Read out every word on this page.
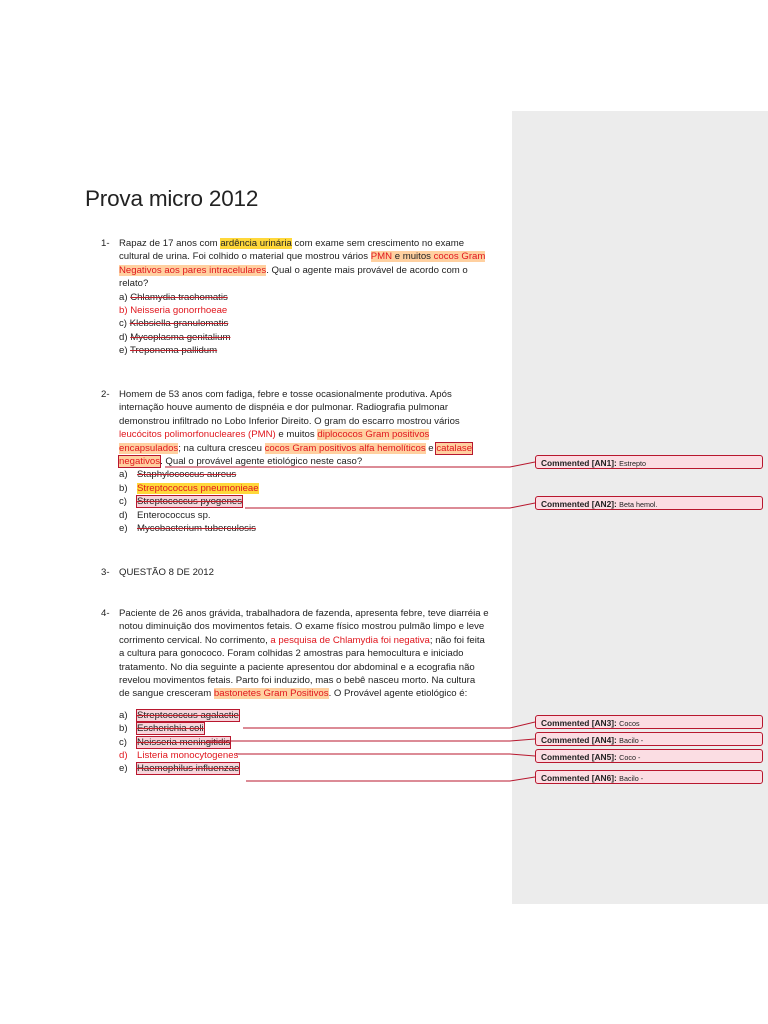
Prova micro 2012
1- Rapaz de 17 anos com ardência urinária com exame sem crescimento no exame
cultural de urina. Foi colhido o material que mostrou vários PMN e muitos cocos Gram
Negativos aos pares intracelulares. Qual o agente mais provável de acordo com o
relato?
a) Chlamydia trachomatis
b) Neisseria gonorrhoeae
c) Klebsiella granulomatis
d) Mycoplasma genitalium
e) Treponema pallidum
2- Homem de 53 anos com fadiga, febre e tosse ocasionalmente produtiva. Após
internação houve aumento de dispnéia e dor pulmonar. Radiografia pulmonar
demonstrou infiltrado no Lobo Inferior Direito. O gram do escarro mostrou vários
leucócitos polimorfonucleares (PMN) e muitos diplococos Gram positivos
encapsulados; na cultura cresceu cocos Gram positivos alfa hemolíticos e catalase
negativos. Qual o provável agente etiológico neste caso?
a) Staphylococcus aureus
b) Streptococcus pneumonieae
c) Streptococcus pyogenes
d) Enterococcus sp.
e) Mycobacterium tuberculosis
3- QUESTÃO 8 DE 2012
4- Paciente de 26 anos grávida, trabalhadora de fazenda, apresenta febre, teve diarréia e
notou diminuição dos movimentos fetais. O exame físico mostrou pulmão limpo e leve
corrimento cervical. No corrimento, a pesquisa de Chlamydia foi negativa; não foi feita
a cultura para gonococo. Foram colhidas 2 amostras para hemocultura e iniciado
tratamento. No dia seguinte a paciente apresentou dor abdominal e a ecografia não
revelou movimentos fetais. Parto foi induzido, mas o bebê nasceu morto. Na cultura
de sangue cresceram bastonetes Gram Positivos. O Provável agente etiológico é:
a) Streptococcus agalactie
b) Escherichia coli
c) Neisseria meningitidis
d) Listeria monocytogenes
e) Haemophilus influenzae
Commented [AN1]: Estrepto
Commented [AN2]: Beta hemol.
Commented [AN3]: Cocos
Commented [AN4]: Bacilo -
Commented [AN5]: Coco -
Commented [AN6]: Bacilo -
